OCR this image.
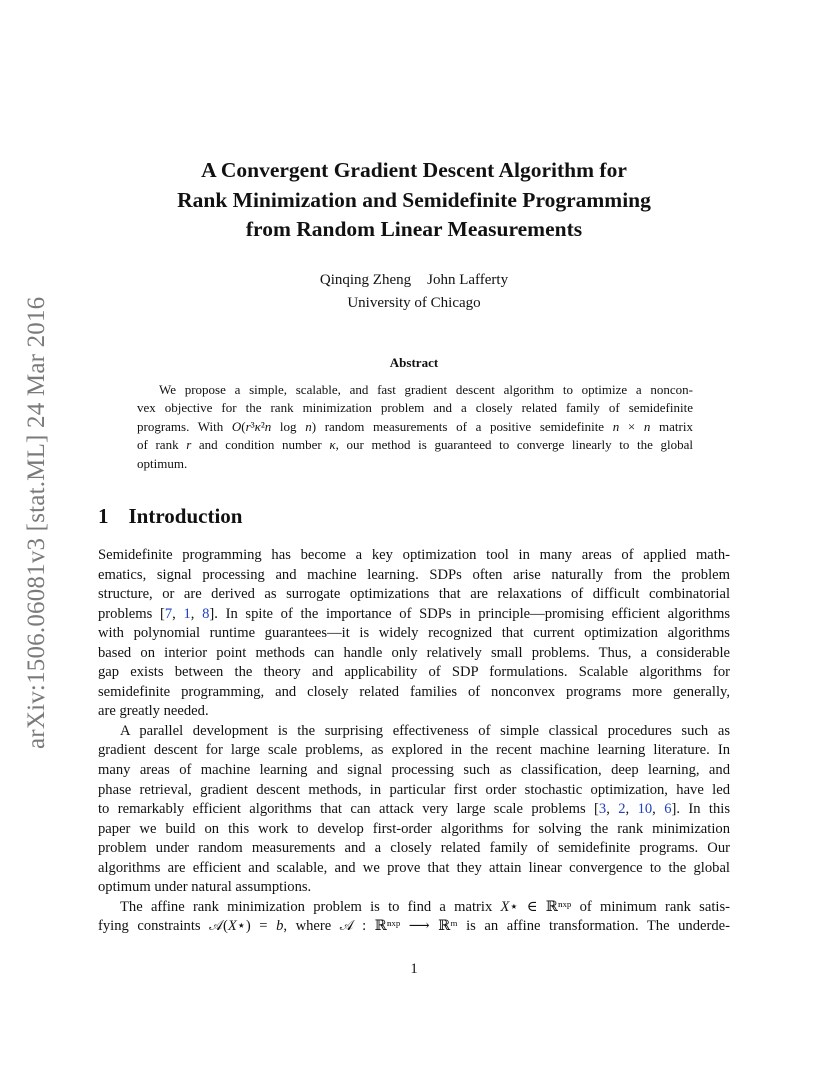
arXiv:1506.06081v3 [stat.ML] 24 Mar 2016
A Convergent Gradient Descent Algorithm for
Rank Minimization and Semidefinite Programming
from Random Linear Measurements
Qinqing Zheng John Lafferty
University of Chicago
Abstract
We propose a simple, scalable, and fast gradient descent algorithm to optimize a noncon-
vex objective for the rank minimization problem and a closely related family of semidefinite
programs. With O(r³κ²n log n) random measurements of a positive semidefinite n × n matrix
of rank r and condition number κ, our method is guaranteed to converge linearly to the global
optimum.
1 Introduction
Semidefinite programming has become a key optimization tool in many areas of applied math-
ematics, signal processing and machine learning. SDPs often arise naturally from the problem
structure, or are derived as surrogate optimizations that are relaxations of difficult combinatorial
problems [7, 1, 8]. In spite of the importance of SDPs in principle—promising efficient algorithms
with polynomial runtime guarantees—it is widely recognized that current optimization algorithms
based on interior point methods can handle only relatively small problems. Thus, a considerable
gap exists between the theory and applicability of SDP formulations. Scalable algorithms for
semidefinite programming, and closely related families of nonconvex programs more generally,
are greatly needed.
A parallel development is the surprising effectiveness of simple classical procedures such as
gradient descent for large scale problems, as explored in the recent machine learning literature. In
many areas of machine learning and signal processing such as classification, deep learning, and
phase retrieval, gradient descent methods, in particular first order stochastic optimization, have led
to remarkably efficient algorithms that can attack very large scale problems [3, 2, 10, 6]. In this
paper we build on this work to develop first-order algorithms for solving the rank minimization
problem under random measurements and a closely related family of semidefinite programs. Our
algorithms are efficient and scalable, and we prove that they attain linear convergence to the global
optimum under natural assumptions.
The affine rank minimization problem is to find a matrix X⋆ ∈ ℝⁿˣᵖ of minimum rank satis-
fying constraints 𝒜(X⋆) = b, where 𝒜 : ℝⁿˣᵖ ⟶ ℝᵐ is an affine transformation. The underde-
1
